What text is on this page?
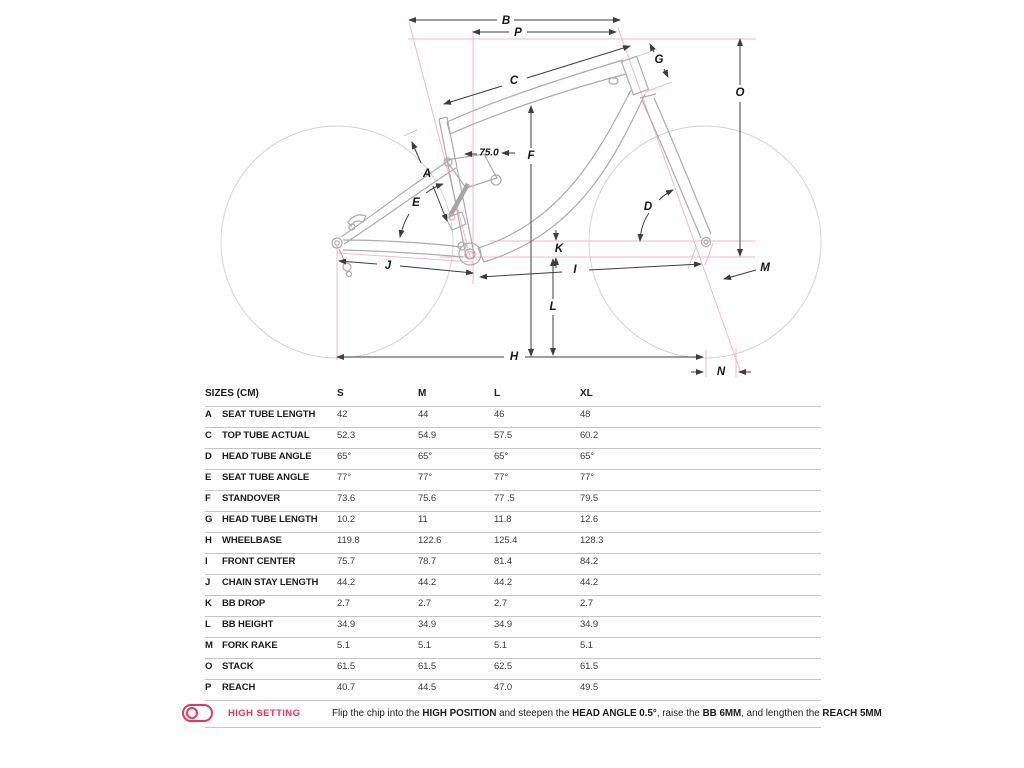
B
P
C
G
O
A
E
F
75.0
D
K
J	I
L
H
M
N
SIZES (CM)	S	M	L	XL
A	SEAT TUBE LENGTH	42	44	46	48
C	TOP TUBE ACTUAL	52.3	54.9	57.5	60.2
D	HEAD TUBE ANGLE	65°	65°	65°	65°
E	SEAT TUBE ANGLE	77°	77°	77°	77°
F	STANDOVER	73.6	75.6	77 .5	79.5
G	HEAD TUBE LENGTH	10.2	11	11.8	12.6
H	WHEELBASE	119.8	122.6	125.4	128.3
I	FRONT CENTER	75.7	78.7	81.4	84.2
J	CHAIN STAY LENGTH	44.2	44.2	44.2	44.2
K	BB DROP	2.7	2.7	2.7	2.7
L	BB HEIGHT	34.9	34.9	34.9	34.9
M FORK RAKE	5.1	5.1	5.1	5.1
O	STACK	61.5	61.5	62.5	61.5
P	REACH	40.7	44.5	47.0	49.5
HIGH SETTING	Flip the chip into the HIGH POSITION and steepen the HEAD ANGLE 0.5°, raise the BB 6MM, and lengthen the REACH 5MM
